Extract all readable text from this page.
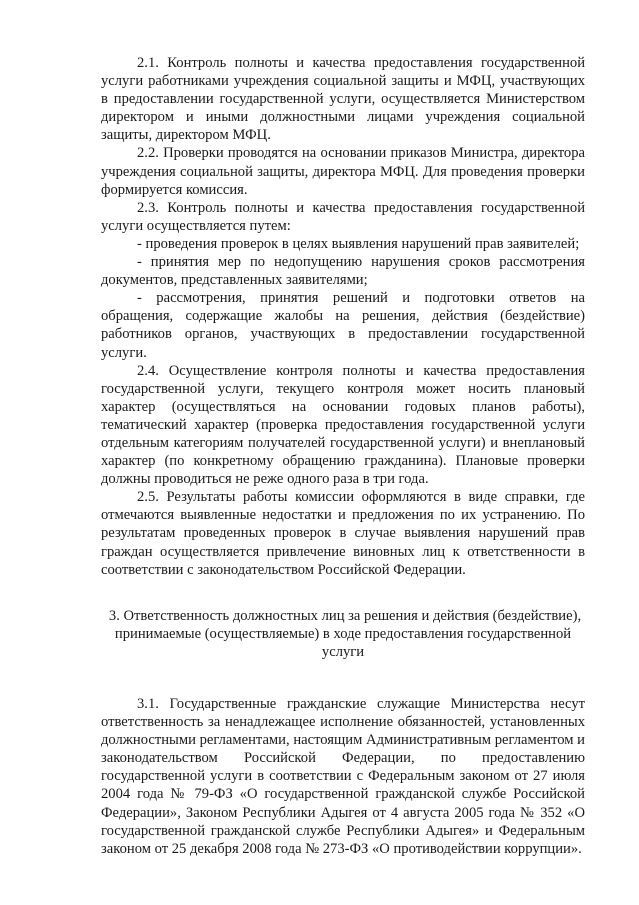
2.1. Контроль полноты и качества предоставления государственной услуги работниками учреждения социальной защиты и МФЦ, участвующих в предоставлении государственной услуги, осуществляется Министерством директором и иными должностными лицами учреждения социальной защиты, директором МФЦ.

2.2. Проверки проводятся на основании приказов Министра, директора учреждения социальной защиты, директора МФЦ. Для проведения проверки формируется комиссия.

2.3. Контроль полноты и качества предоставления государственной услуги осуществляется путем:

- проведения проверок в целях выявления нарушений прав заявителей;

- принятия мер по недопущению нарушения сроков рассмотрения документов, представленных заявителями;

- рассмотрения, принятия решений и подготовки ответов на обращения, содержащие жалобы на решения, действия (бездействие) работников органов, участвующих в предоставлении государственной услуги.

2.4. Осуществление контроля полноты и качества предоставления государственной услуги, текущего контроля может носить плановый характер (осуществляться на основании годовых планов работы), тематический характер (проверка предоставления государственной услуги отдельным категориям получателей государственной услуги) и внеплановый характер (по конкретному обращению гражданина). Плановые проверки должны проводиться не реже одного раза в три года.

2.5. Результаты работы комиссии оформляются в виде справки, где отмечаются выявленные недостатки и предложения по их устранению. По результатам проведенных проверок в случае выявления нарушений прав граждан осуществляется привлечение виновных лиц к ответственности в соответствии с законодательством Российской Федерации.

3. Ответственность должностных лиц за решения и действия (бездействие),

принимаемые (осуществляемые) в ходе предоставления государственной

услуги

3.1. Государственные гражданские служащие Министерства несут ответственность за ненадлежащее исполнение обязанностей, установленных должностными регламентами, настоящим Административным регламентом и законодательством Российской Федерации, по предоставлению государственной услуги в соответствии с Федеральным законом от 27 июля 2004 года № 79-ФЗ «О государственной гражданской службе Российской Федерации», Законом Республики Адыгея от 4 августа 2005 года № 352 «О государственной гражданской службе Республики Адыгея» и Федеральным законом от 25 декабря 2008 года № 273-ФЗ «О противодействии коррупции».
